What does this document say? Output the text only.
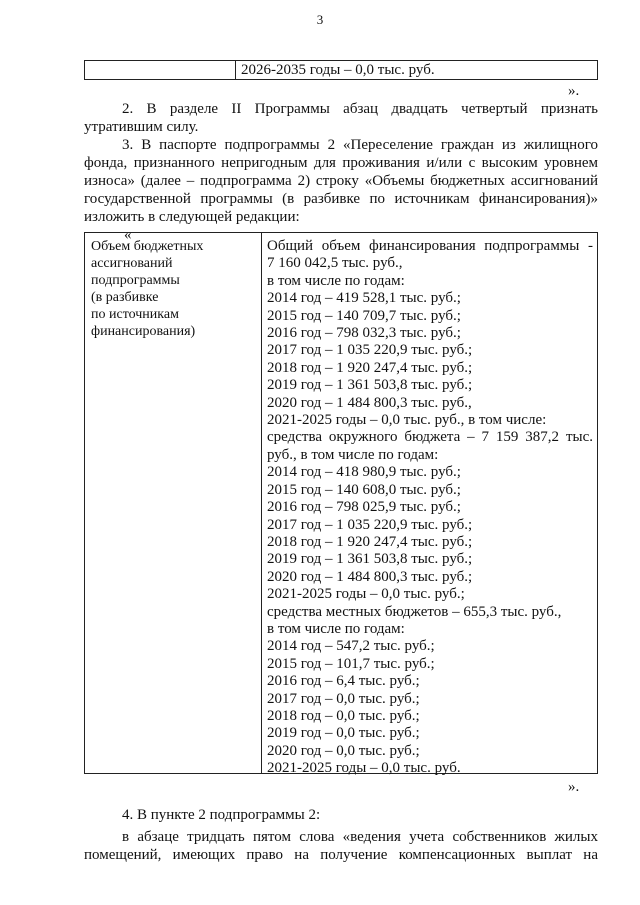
3
2026-2035 годы – 0,0 тыс. руб.
».
2. В разделе II Программы абзац двадцать четвертый признать
утратившим силу.
3. В паспорте подпрограммы 2 «Переселение граждан из жилищного
фонда, признанного непригодным для проживания и/или с высоким уровнем
износа» (далее – подпрограмма 2) строку «Объемы бюджетных ассигнований
государственной программы (в разбивке по источникам финансирования)»
изложить в следующей редакции:
«
Объем бюджетных
ассигнований
подпрограммы
(в разбивке
по источникам
финансирования)
Общий объем финансирования подпрограммы -
7 160 042,5 тыс. руб.,
в том числе по годам:
2014 год – 419 528,1 тыс. руб.;
2015 год – 140 709,7 тыс. руб.;
2016 год – 798 032,3 тыс. руб.;
2017 год – 1 035 220,9 тыс. руб.;
2018 год – 1 920 247,4 тыс. руб.;
2019 год – 1 361 503,8 тыс. руб.;
2020 год – 1 484 800,3 тыс. руб.,
2021-2025 годы – 0,0 тыс. руб., в том числе:
средства окружного бюджета – 7 159 387,2 тыс.
руб., в том числе по годам:
2014 год – 418 980,9 тыс. руб.;
2015 год – 140 608,0 тыс. руб.;
2016 год – 798 025,9 тыс. руб.;
2017 год – 1 035 220,9 тыс. руб.;
2018 год – 1 920 247,4 тыс. руб.;
2019 год – 1 361 503,8 тыс. руб.;
2020 год – 1 484 800,3 тыс. руб.;
2021-2025 годы – 0,0 тыс. руб.;
средства местных бюджетов – 655,3 тыс. руб.,
в том числе по годам:
2014 год – 547,2 тыс. руб.;
2015 год – 101,7 тыс. руб.;
2016 год – 6,4 тыс. руб.;
2017 год – 0,0 тыс. руб.;
2018 год – 0,0 тыс. руб.;
2019 год – 0,0 тыс. руб.;
2020 год – 0,0 тыс. руб.;
2021-2025 годы – 0,0 тыс. руб.
».
4. В пункте 2 подпрограммы 2:
в абзаце тридцать пятом слова «ведения учета собственников жилых
помещений, имеющих право на получение компенсационных выплат на
